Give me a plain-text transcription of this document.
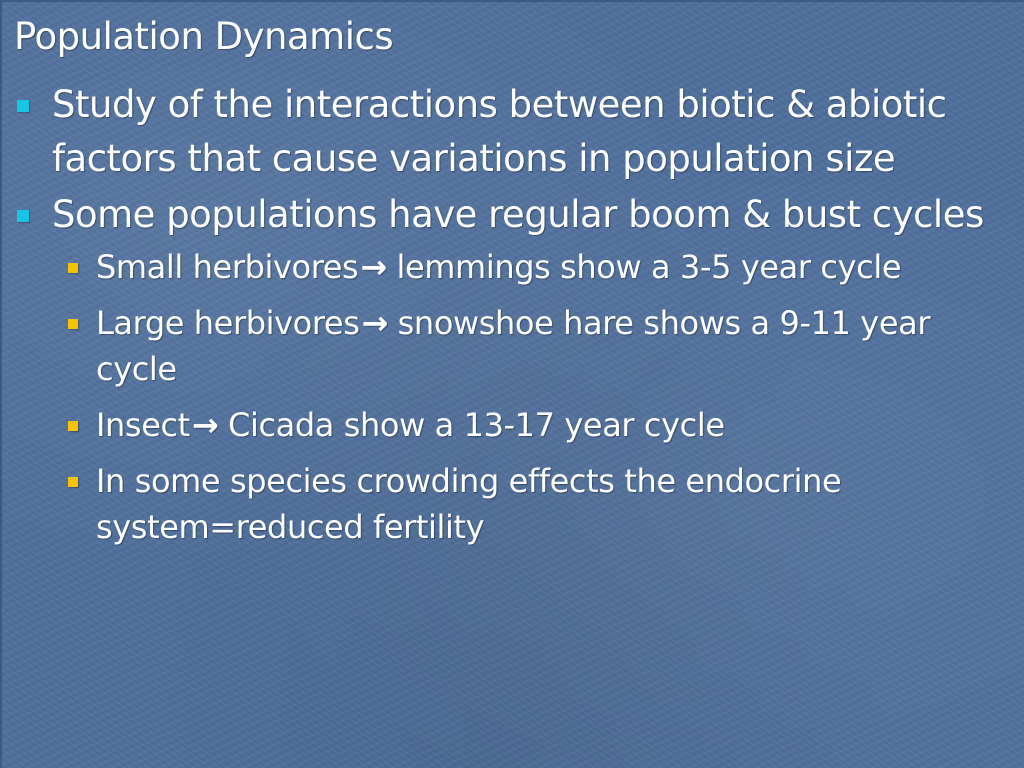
Population Dynamics
Study of the interactions between biotic & abiotic factors that cause variations in population size
Some populations have regular boom & bust cycles
Small herbivores→ lemmings show a 3-5 year cycle
Large herbivores→ snowshoe hare shows a 9-11 year cycle
Insect→ Cicada show a 13-17 year cycle
In some species crowding effects the endocrine system=reduced fertility
